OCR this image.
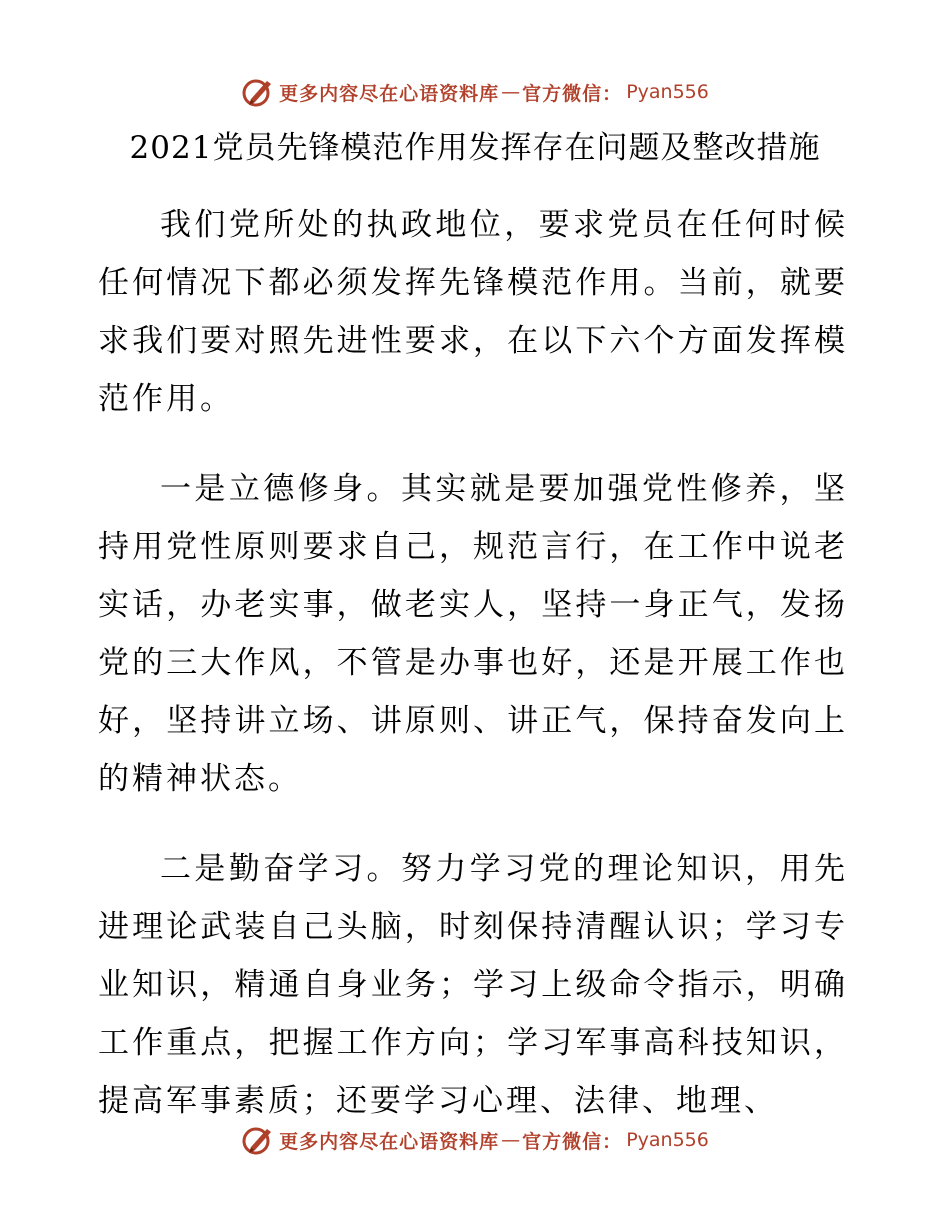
更多内容尽在心语资料库 — 官方微信： Pyan556
2021党员先锋模范作用发挥存在问题及整改措施

我们党所处的执政地位，要求党员在任何时候任何情况下都必须发挥先锋模范作用。当前，就要求我们要对照先进性要求，在以下六个方面发挥模范作用。

一是立德修身。其实就是要加强党性修养，坚持用党性原则要求自己，规范言行，在工作中说老实话，办老实事，做老实人，坚持一身正气，发扬党的三大作风，不管是办事也好，还是开展工作也好，坚持讲立场、讲原则、讲正气，保持奋发向上的精神状态。

二是勤奋学习。努力学习党的理论知识，用先进理论武装自己头脑，时刻保持清醒认识；学习专业知识，精通自身业务；学习上级命令指示，明确工作重点，把握工作方向；学习军事高科技知识，提高军事素质；还要学习心理、法律、地理、

更多内容尽在心语资料库 — 官方微信： Pyan556
